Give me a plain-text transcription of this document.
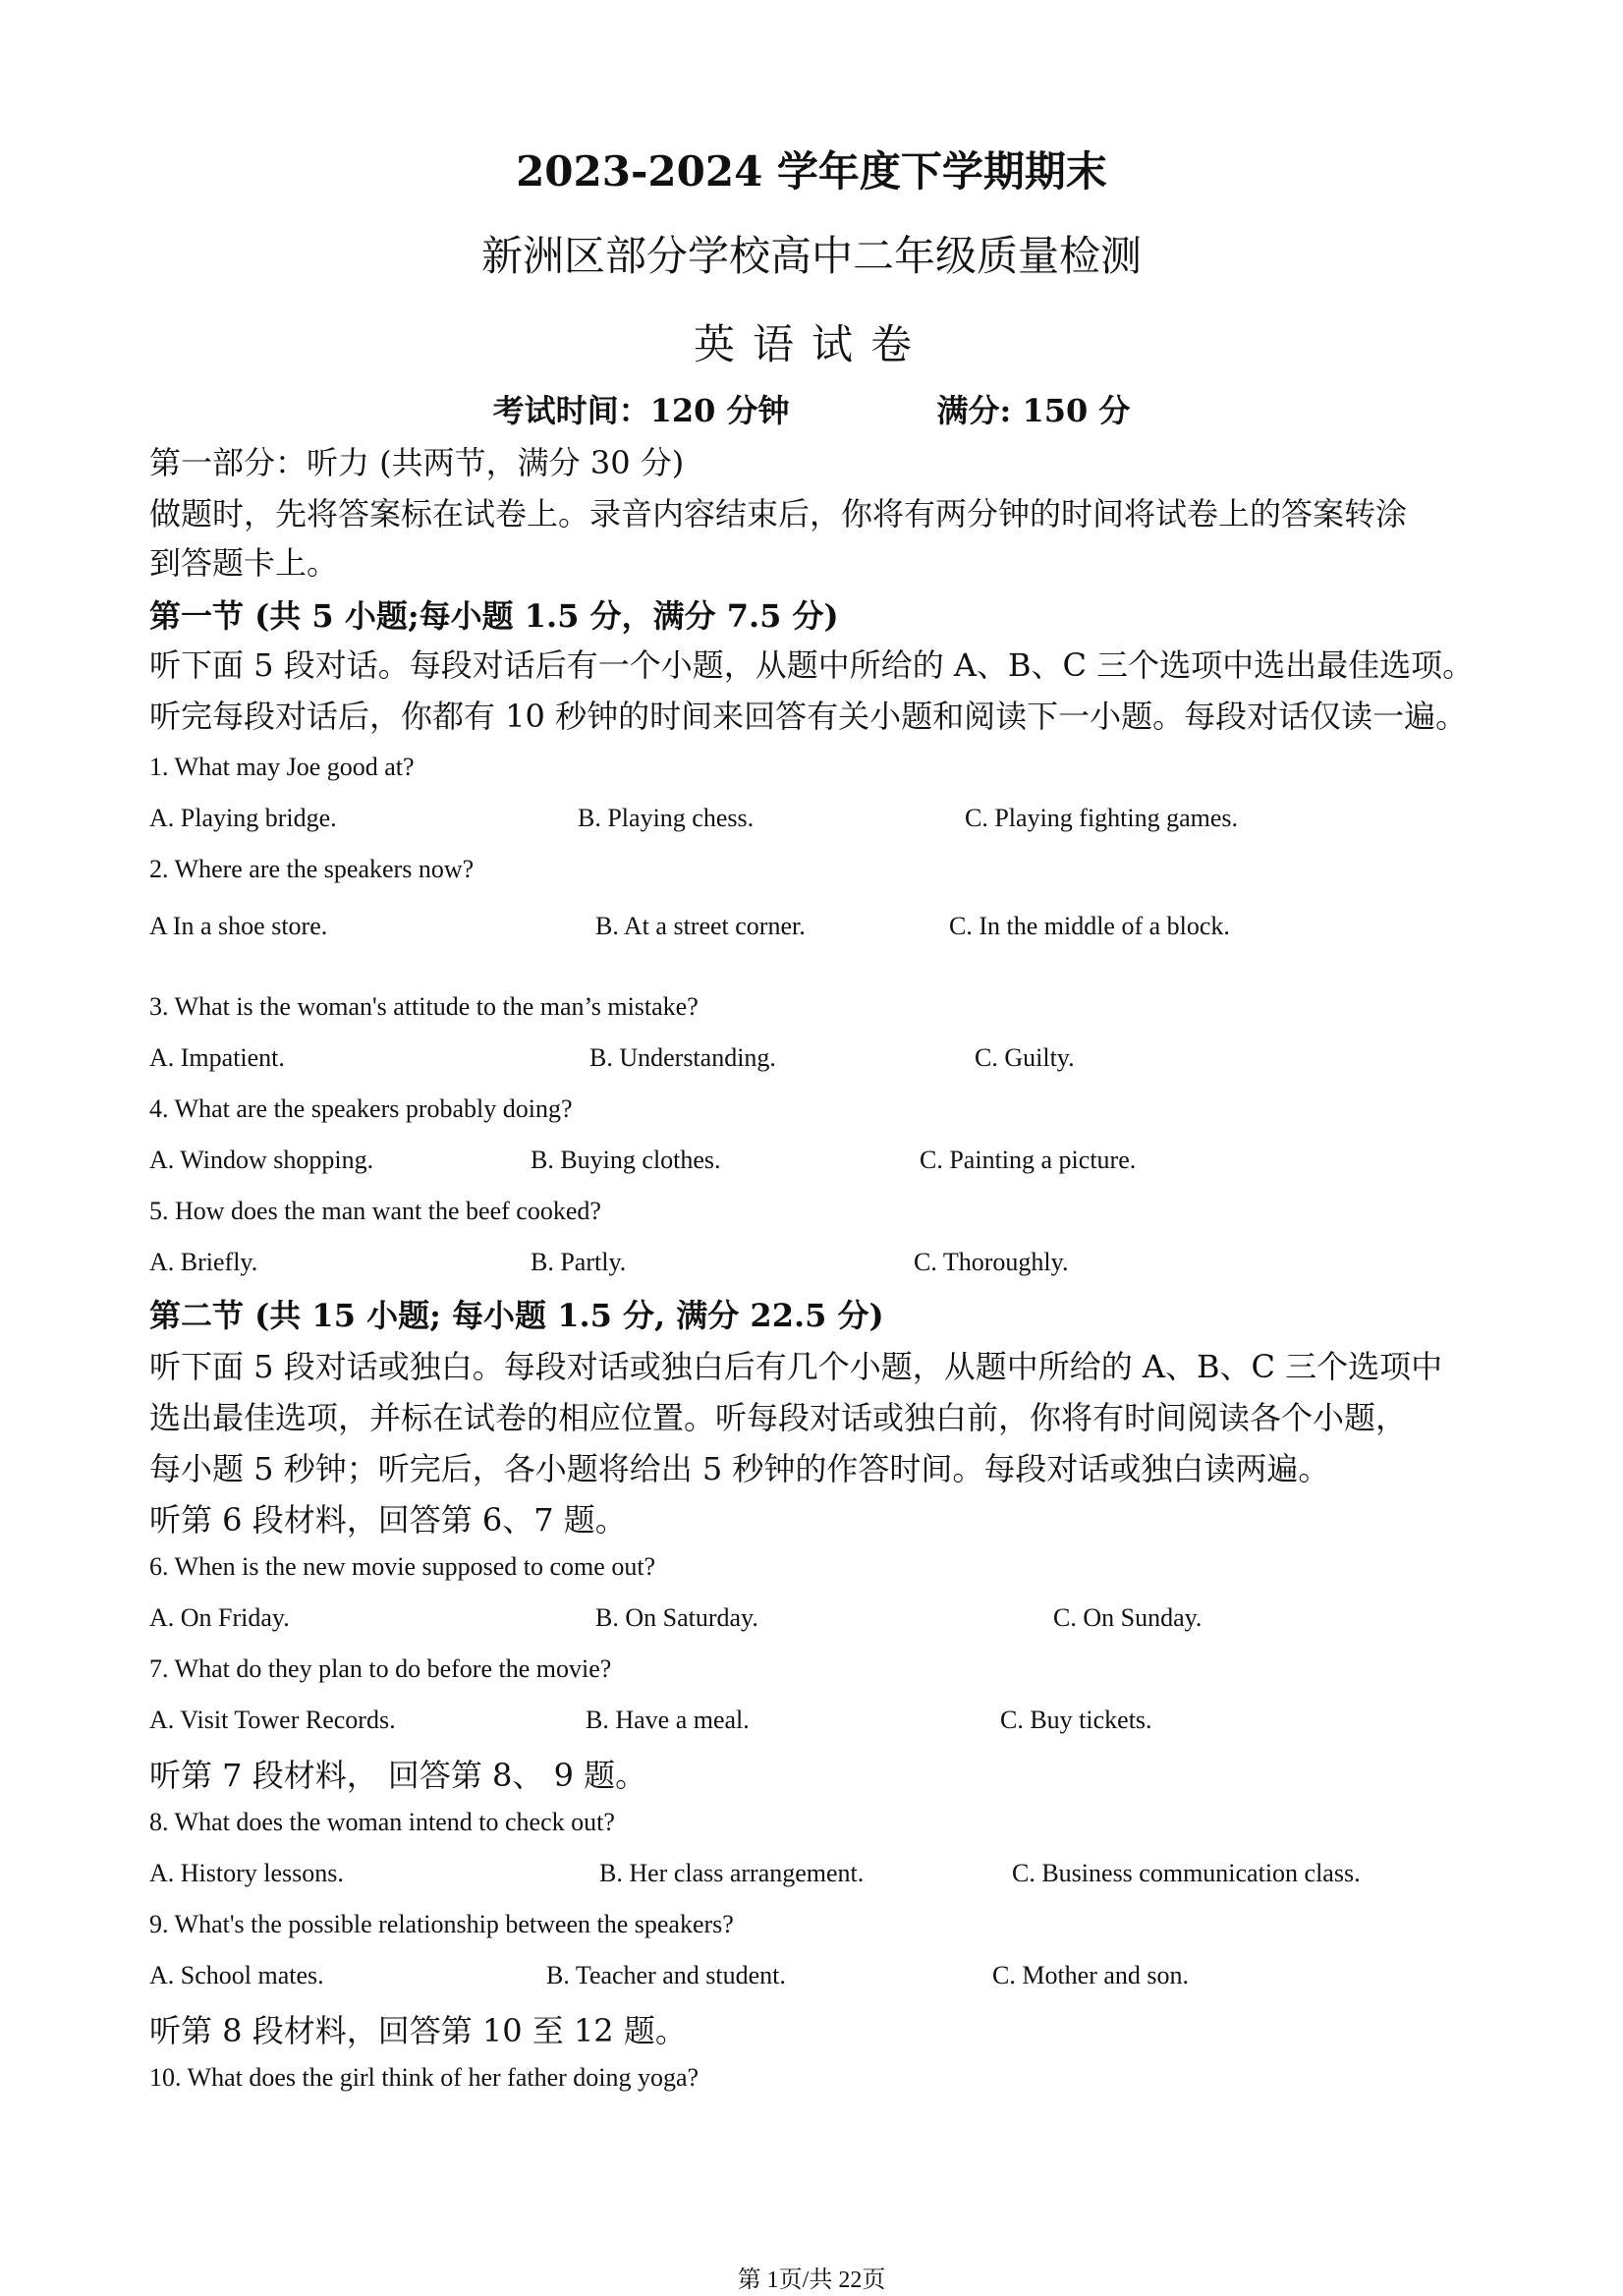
2023-2024 学年度下学期期末
新洲区部分学校高中二年级质量检测
英语试卷
考试时间：120 分钟	满分: 150 分
第一部分：听力 (共两节，满分 30 分)
做题时，先将答案标在试卷上。录音内容结束后，你将有两分钟的时间将试卷上的答案转涂
到答题卡上。
第一节 (共 5 小题;每小题 1.5 分，满分 7.5 分)
听下面 5 段对话。每段对话后有一个小题，从题中所给的 A、B、C 三个选项中选出最佳选项。
听完每段对话后，你都有 10 秒钟的时间来回答有关小题和阅读下一小题。每段对话仅读一遍。
1. What may Joe good at?
A. Playing bridge.	B. Playing chess.	C. Playing fighting games.
2. Where are the speakers now?
A In a shoe store.	B. At a street corner.	C. In the middle of a block.
3. What is the woman's attitude to the man’s mistake?
A. Impatient.	B. Understanding.	C. Guilty.
4. What are the speakers probably doing?
A. Window shopping.	B. Buying clothes.	C. Painting a picture.
5. How does the man want the beef cooked?
A. Briefly.	B. Partly.	C. Thoroughly.
第二节 (共 15 小题; 每小题 1.5 分, 满分 22.5 分)
听下面 5 段对话或独白。每段对话或独白后有几个小题，从题中所给的 A、B、C 三个选项中
选出最佳选项，并标在试卷的相应位置。听每段对话或独白前，你将有时间阅读各个小题，
每小题 5 秒钟；听完后，各小题将给出 5 秒钟的作答时间。每段对话或独白读两遍。
听第 6 段材料，回答第 6、7 题。
6. When is the new movie supposed to come out?
A. On Friday.	B. On Saturday.	C. On Sunday.
7. What do they plan to do before the movie?
A. Visit Tower Records.	B. Have a meal.	C. Buy tickets.
听第 7 段材料， 回答第 8、 9 题。
8. What does the woman intend to check out?
A. History lessons.	B. Her class arrangement.	C. Business communication class.
9. What's the possible relationship between the speakers?
A. School mates.	B. Teacher and student.	C. Mother and son.
听第 8 段材料，回答第 10 至 12 题。
10. What does the girl think of her father doing yoga?
第 1页/共 22页
